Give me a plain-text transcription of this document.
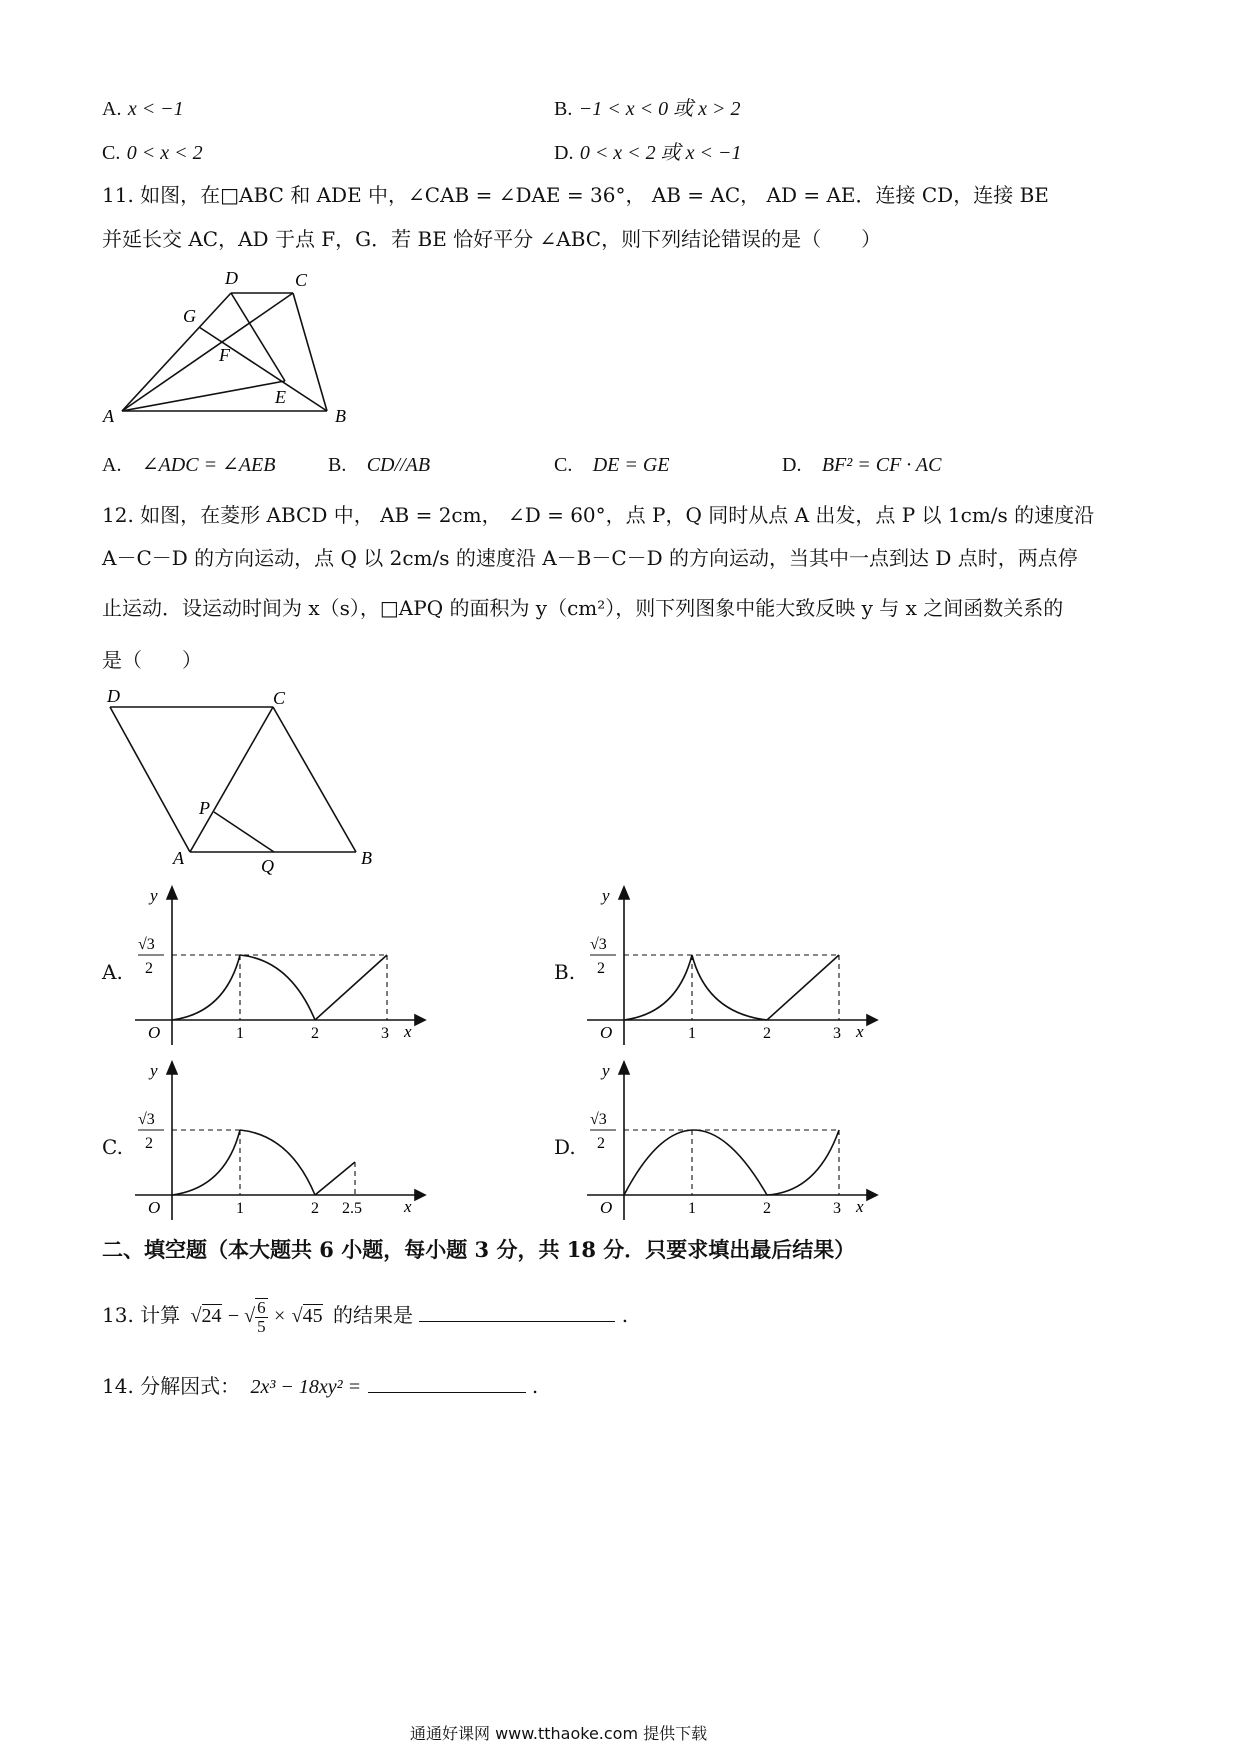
A. x < −1	B. −1 < x < 0 或 x > 2
C. 0 < x < 2	D. 0 < x < 2 或 x < −1
11. 如图，在□ABC 和 ADE 中，∠CAB = ∠DAE = 36°， AB = AC， AD = AE．连接 CD，连接 BE
并延长交 AC，AD 于点 F，G．若 BE 恰好平分 ∠ABC，则下列结论错误的是（　　）
A	B
C
D
E
F
G
A. ∠ADC = ∠AEB	B. CD//AB	C. DE = GE	D. BF² = CF · AC
12. 如图，在菱形 ABCD 中， AB = 2cm， ∠D = 60°，点 P，Q 同时从点 A 出发，点 P 以 1cm/s 的速度沿
A－C－D 的方向运动，点 Q 以 2cm/s 的速度沿 A－B－C－D 的方向运动，当其中一点到达 D 点时，两点停
止运动．设运动时间为 x（s），□APQ 的面积为 y（cm²），则下列图象中能大致反映 y 与 x 之间函数关系的
是（　　）
D	C
A	B
P
Q
A.
y
x
O
√3
2
1	2	3
B.
y
x
O
√3
2
1	2	3
C.
y
x
O
√3
2
1	2 2.5
D.
y
x
O
√3
2
1	2	3
二、填空题（本大题共 6 小题，每小题 3 分，共 18 分．只要求填出最后结果）
13. 计算 √24 − √ $\frac{6}{5} \times √45$ 的结果是	.
14. 分解因式： 2x³ − 18xy² =	.
通通好课网 www.tthaoke.com 提供下载
